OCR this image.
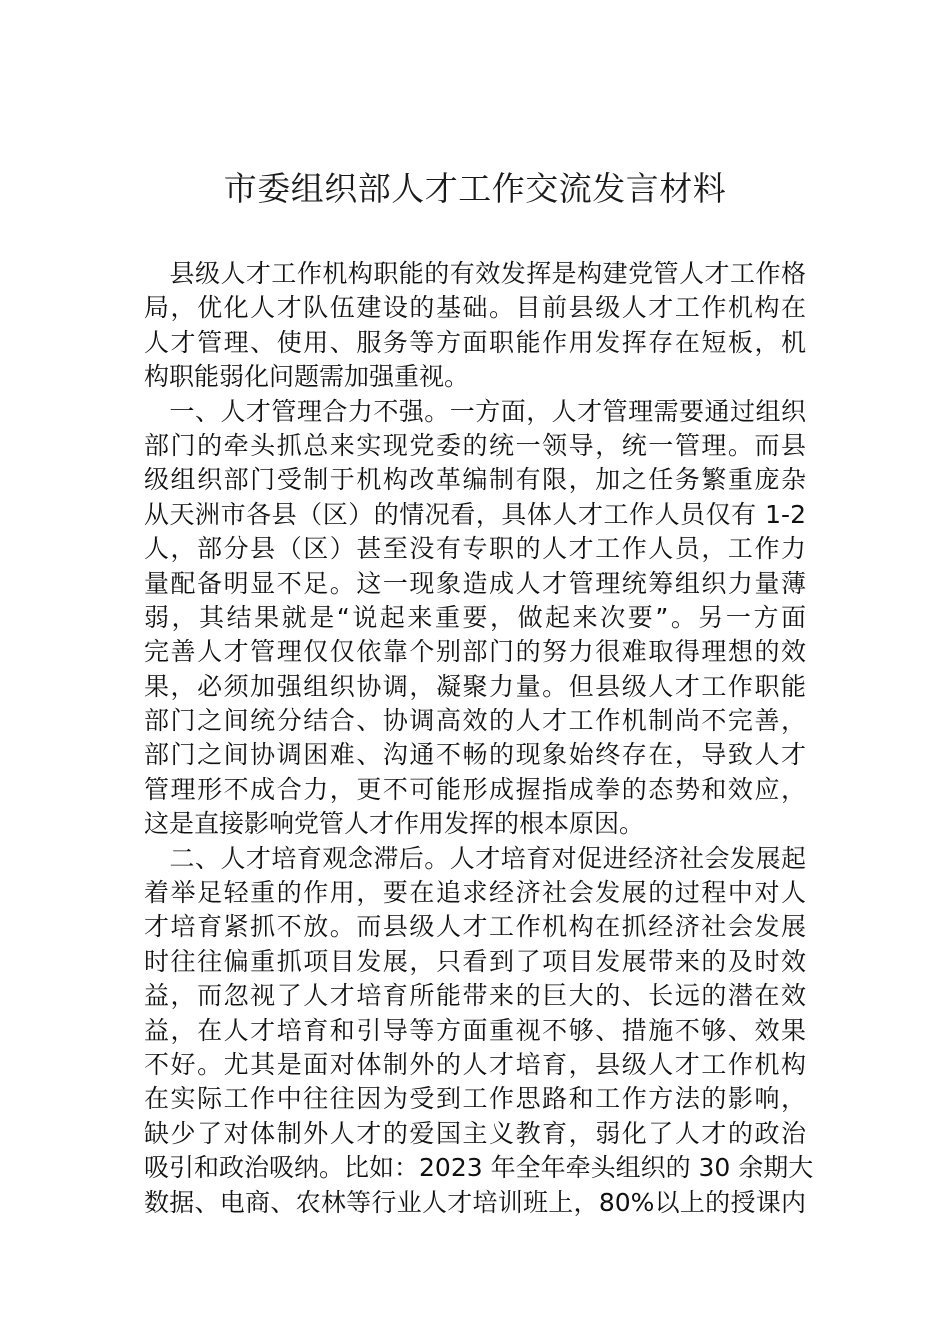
市委组织部人才工作交流发言材料
　县级人才工作机构职能的有效发挥是构建党管人才工作格
局，优化人才队伍建设的基础。目前县级人才工作机构在
人才管理、使用、服务等方面职能作用发挥存在短板，机
构职能弱化问题需加强重视。
　一、人才管理合力不强。一方面，人才管理需要通过组织
部门的牵头抓总来实现党委的统一领导，统一管理。而县
级组织部门受制于机构改革编制有限，加之任务繁重庞杂
从天洲市各县（区）的情况看，具体人才工作人员仅有 1-2
人，部分县（区）甚至没有专职的人才工作人员，工作力
量配备明显不足。这一现象造成人才管理统筹组织力量薄
弱，其结果就是“说起来重要，做起来次要”。另一方面
完善人才管理仅仅依靠个别部门的努力很难取得理想的效
果，必须加强组织协调，凝聚力量。但县级人才工作职能
部门之间统分结合、协调高效的人才工作机制尚不完善，
部门之间协调困难、沟通不畅的现象始终存在，导致人才
管理形不成合力，更不可能形成握指成拳的态势和效应，
这是直接影响党管人才作用发挥的根本原因。
　二、人才培育观念滞后。人才培育对促进经济社会发展起
着举足轻重的作用，要在追求经济社会发展的过程中对人
才培育紧抓不放。而县级人才工作机构在抓经济社会发展
时往往偏重抓项目发展，只看到了项目发展带来的及时效
益，而忽视了人才培育所能带来的巨大的、长远的潜在效
益，在人才培育和引导等方面重视不够、措施不够、效果
不好。尤其是面对体制外的人才培育，县级人才工作机构
在实际工作中往往因为受到工作思路和工作方法的影响，
缺少了对体制外人才的爱国主义教育，弱化了人才的政治
吸引和政治吸纳。比如：2023 年全年牵头组织的 30 余期大
数据、电商、农林等行业人才培训班上，80%以上的授课内
